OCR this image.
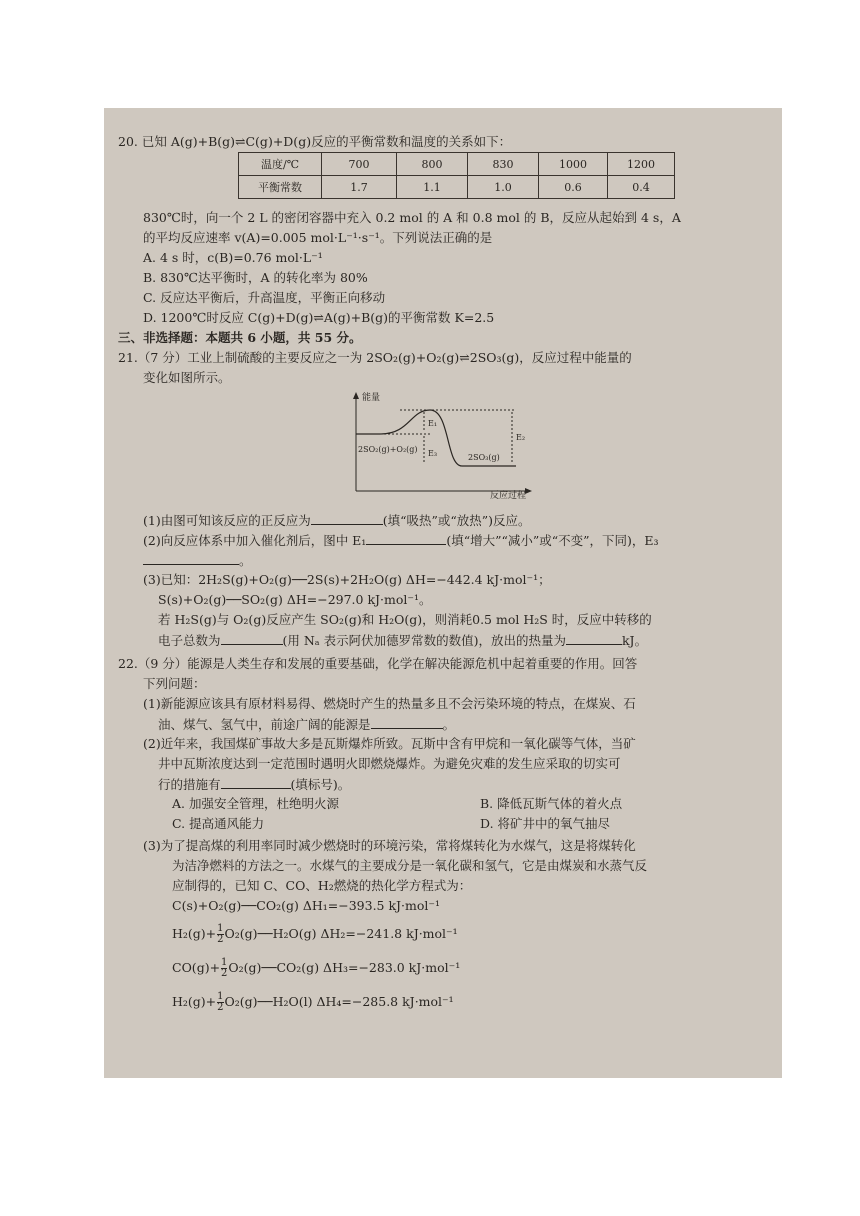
20. 已知 A(g)+B(g)⇌C(g)+D(g)反应的平衡常数和温度的关系如下：
温度/℃	700	800	830	1000	1200
平衡常数	1.7	1.1	1.0	0.6	0.4
830℃时，向一个 2 L 的密闭容器中充入 0.2 mol 的 A 和 0.8 mol 的 B，反应从起始到 4 s，A
的平均反应速率 v(A)=0.005 mol·L⁻¹·s⁻¹。下列说法正确的是
A. 4 s 时，c(B)=0.76 mol·L⁻¹
B. 830℃达平衡时，A 的转化率为 80%
C. 反应达平衡后，升高温度，平衡正向移动
D. 1200℃时反应 C(g)+D(g)⇌A(g)+B(g)的平衡常数 K=2.5
三、非选择题：本题共 6 小题，共 55 分。
21.（7 分）工业上制硫酸的主要反应之一为 2SO₂(g)+O₂(g)⇌2SO₃(g)，反应过程中能量的
变化如图所示。
能量
反应过程
E₁
E₃
E₂
2SO₂(g)+O₂(g)
2SO₃(g)
(1)由图可知该反应的正反应为	(填“吸热”或“放热”)反应。
(2)向反应体系中加入催化剂后，图中 E₁	(填“增大”“减小”或“不变”，下同)，E₃
。
(3)已知：2H₂S(g)+O₂(g)──2S(s)+2H₂O(g) ΔH=−442.4 kJ·mol⁻¹；
S(s)+O₂(g)──SO₂(g) ΔH=−297.0 kJ·mol⁻¹。
若 H₂S(g)与 O₂(g)反应产生 SO₂(g)和 H₂O(g)，则消耗0.5 mol H₂S 时，反应中转移的
电子总数为	(用 Nₐ 表示阿伏加德罗常数的数值)，放出的热量为	kJ。
22.（9 分）能源是人类生存和发展的重要基础，化学在解决能源危机中起着重要的作用。回答
下列问题：
(1)新能源应该具有原材料易得、燃烧时产生的热量多且不会污染环境的特点，在煤炭、石
油、煤气、氢气中，前途广阔的能源是	。
(2)近年来，我国煤矿事故大多是瓦斯爆炸所致。瓦斯中含有甲烷和一氧化碳等气体，当矿
井中瓦斯浓度达到一定范围时遇明火即燃烧爆炸。为避免灾难的发生应采取的切实可
行的措施有	(填标号)。
A. 加强安全管理，杜绝明火源	B. 降低瓦斯气体的着火点
C. 提高通风能力	D. 将矿井中的氧气抽尽
(3)为了提高煤的利用率同时减少燃烧时的环境污染，常将煤转化为水煤气，这是将煤转化
为洁净燃料的方法之一。水煤气的主要成分是一氧化碳和氢气，它是由煤炭和水蒸气反
应制得的，已知 C、CO、H₂燃烧的热化学方程式为：
C(s)+O₂(g)──CO₂(g) ΔH₁=−393.5 kJ·mol⁻¹
$H_2(g)+ \frac{1}{2}$ O₂(g)──H₂O(g) ΔH₂=−241.8 kJ·mol⁻¹
$CO(g)+ \frac{1}{2}$ O₂(g)──CO₂(g) ΔH₃=−283.0 kJ·mol⁻¹
$H_2(g)+ \frac{1}{2}$ O₂(g)──H₂O(l) ΔH₄=−285.8 kJ·mol⁻¹
